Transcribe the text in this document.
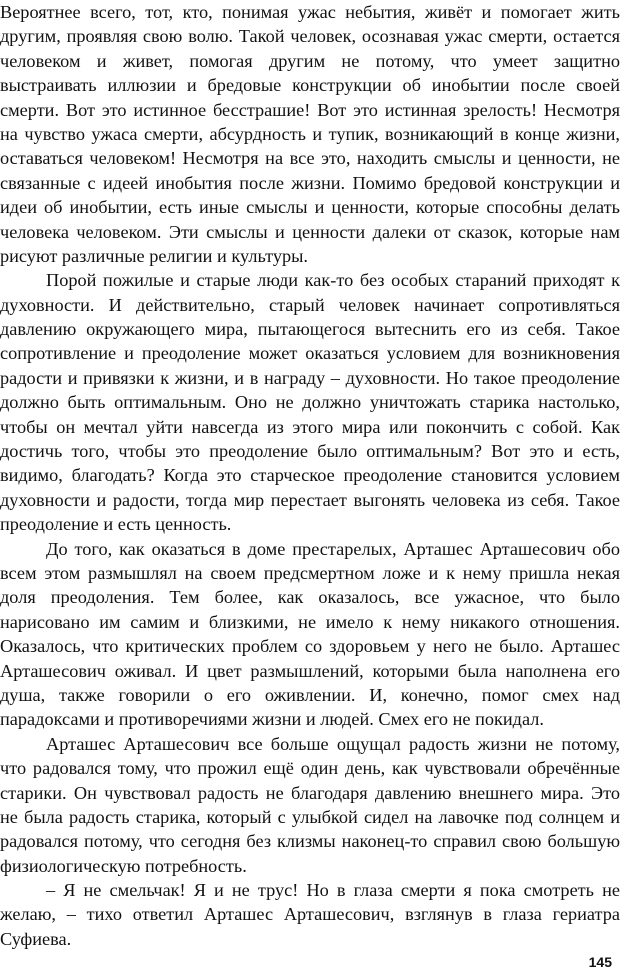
Вероятнее всего, тот, кто, понимая ужас небытия, живёт и помогает жить
другим, проявляя свою волю. Такой человек, осознавая ужас смерти, остается
человеком и живет, помогая другим не потому, что умеет защитно
выстраивать иллюзии и бредовые конструкции об инобытии после своей
смерти. Вот это истинное бесстрашие! Вот это истинная зрелость! Несмотря
на чувство ужаса смерти, абсурдность и тупик, возникающий в конце жизни,
оставаться человеком! Несмотря на все это, находить смыслы и ценности, не
связанные с идеей инобытия после жизни. Помимо бредовой конструкции и
идеи об инобытии, есть иные смыслы и ценности, которые способны делать
человека человеком. Эти смыслы и ценности далеки от сказок, которые нам
рисуют различные религии и культуры.
Порой пожилые и старые люди как-то без особых стараний приходят к
духовности. И действительно, старый человек начинает сопротивляться
давлению окружающего мира, пытающегося вытеснить его из себя. Такое
сопротивление и преодоление может оказаться условием для возникновения
радости и привязки к жизни, и в награду – духовности. Но такое преодоление
должно быть оптимальным. Оно не должно уничтожать старика настолько,
чтобы он мечтал уйти навсегда из этого мира или покончить с собой. Как
достичь того, чтобы это преодоление было оптимальным? Вот это и есть,
видимо, благодать? Когда это старческое преодоление становится условием
духовности и радости, тогда мир перестает выгонять человека из себя. Такое
преодоление и есть ценность.
До того, как оказаться в доме престарелых, Арташес Арташесович обо
всем этом размышлял на своем предсмертном ложе и к нему пришла некая
доля преодоления. Тем более, как оказалось, все ужасное, что было
нарисовано им самим и близкими, не имело к нему никакого отношения.
Оказалось, что критических проблем со здоровьем у него не было. Арташес
Арташесович оживал. И цвет размышлений, которыми была наполнена его
душа, также говорили о его оживлении. И, конечно, помог смех над
парадоксами и противоречиями жизни и людей. Смех его не покидал.
Арташес Арташесович все больше ощущал радость жизни не потому,
что радовался тому, что прожил ещё один день, как чувствовали обречённые
старики. Он чувствовал радость не благодаря давлению внешнего мира. Это
не была радость старика, который с улыбкой сидел на лавочке под солнцем и
радовался потому, что сегодня без клизмы наконец-то справил свою большую
физиологическую потребность.
– Я не смельчак! Я и не трус! Но в глаза смерти я пока смотреть не
желаю, – тихо ответил Арташес Арташесович, взглянув в глаза гериатра
Суфиева.
145
